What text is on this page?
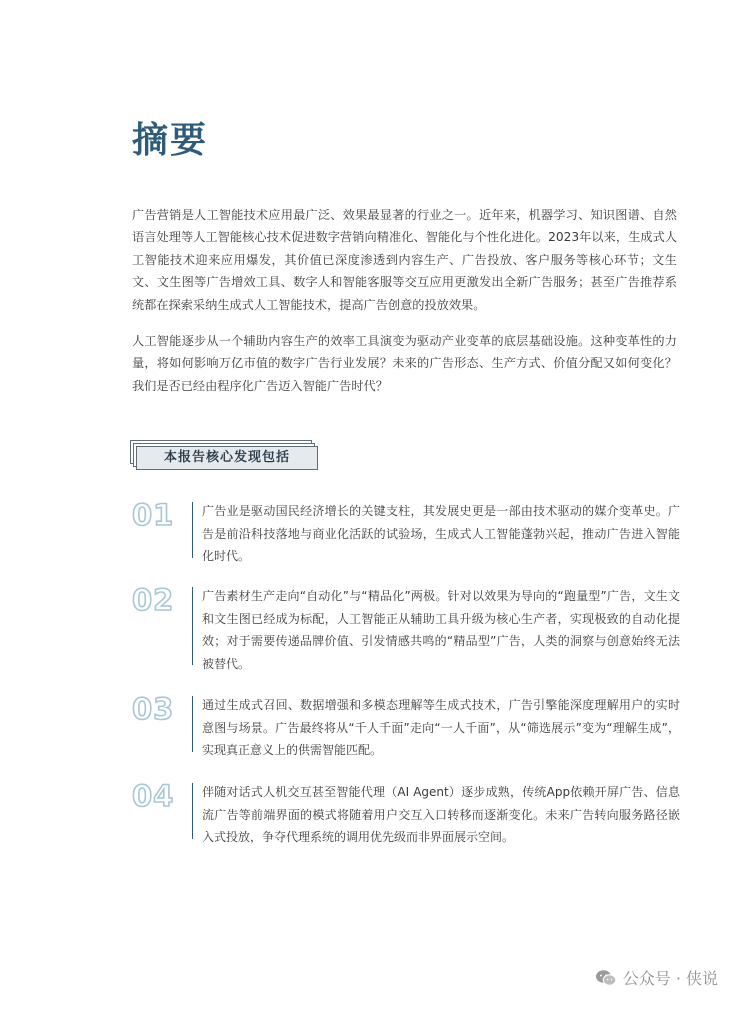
摘要

广告营销是人工智能技术应用最广泛、效果最显著的行业之一。近年来，机器学习、知识图谱、自然语言处理等人工智能核心技术促进数字营销向精准化、智能化与个性化进化。2023年以来，生成式人工智能技术迎来应用爆发，其价值已深度渗透到内容生产、广告投放、客户服务等核心环节；文生文、文生图等广告增效工具、数字人和智能客服等交互应用更激发出全新广告服务；甚至广告推荐系统都在探索采纳生成式人工智能技术，提高广告创意的投放效果。

人工智能逐步从一个辅助内容生产的效率工具演变为驱动产业变革的底层基础设施。这种变革性的力量，将如何影响万亿市值的数字广告行业发展？未来的广告形态、生产方式、价值分配又如何变化？我们是否已经由程序化广告迈入智能广告时代？

本报告核心发现包括
01	广告业是驱动国民经济增长的关键支柱，其发展史更是一部由技术驱动的媒介变革史。广告是前沿科技落地与商业化活跃的试验场，生成式人工智能蓬勃兴起，推动广告进入智能化时代。

02	广告素材生产走向“自动化”与“精品化”两极。针对以效果为导向的“跑量型”广告，文生文和文生图已经成为标配，人工智能正从辅助工具升级为核心生产者，实现极致的自动化提效；对于需要传递品牌价值、引发情感共鸣的“精品型”广告，人类的洞察与创意始终无法被替代。

03	通过生成式召回、数据增强和多模态理解等生成式技术，广告引擎能深度理解用户的实时意图与场景。广告最终将从“千人千面”走向“一人千面”，从“筛选展示”变为“理解生成”，实现真正意义上的供需智能匹配。

04	伴随对话式人机交互甚至智能代理（AI Agent）逐步成熟，传统App依赖开屏广告、信息流广告等前端界面的模式将随着用户交互入口转移而逐渐变化。未来广告转向服务路径嵌入式投放，争夺代理系统的调用优先级而非界面展示空间。

公众号 · 侠说
